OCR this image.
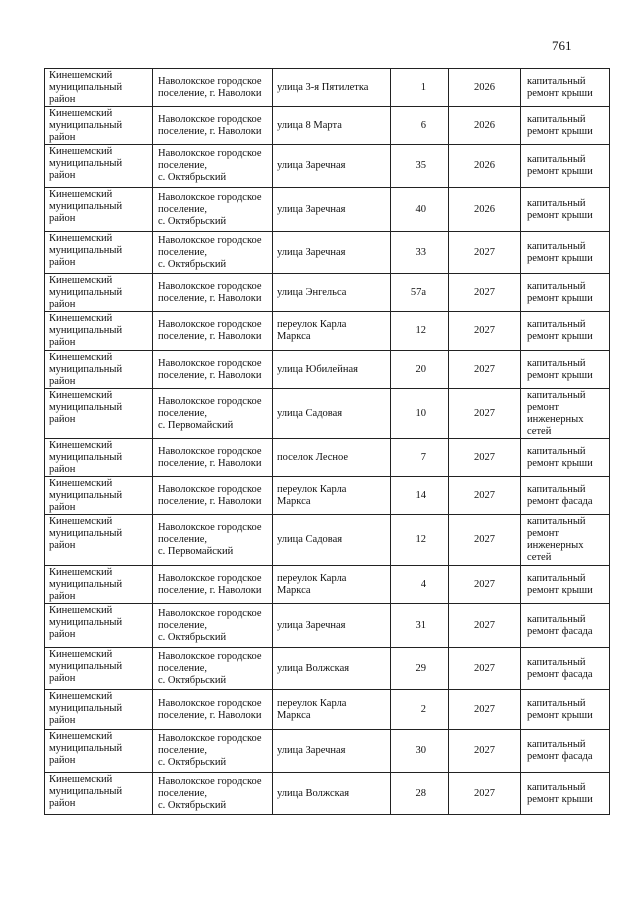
761
Кинешемский
муниципальный
район	Наволокское городское
поселение, г. Наволоки	улица 3-я Пятилетка	1	2026	капитальный
ремонт крыши
Кинешемский
муниципальный
район	Наволокское городское
поселение, г. Наволоки	улица 8 Марта	6	2026	капитальный
ремонт крыши
Кинешемский
муниципальный
район	Наволокское городское
поселение,
с. Октябрьский	улица Заречная	35	2026	капитальный
ремонт крыши
Кинешемский
муниципальный
район	Наволокское городское
поселение,
с. Октябрьский	улица Заречная	40	2026	капитальный
ремонт крыши
Кинешемский
муниципальный
район	Наволокское городское
поселение,
с. Октябрьский	улица Заречная	33	2027	капитальный
ремонт крыши
Кинешемский
муниципальный
район	Наволокское городское
поселение, г. Наволоки	улица Энгельса	57а	2027	капитальный
ремонт крыши
Кинешемский
муниципальный
район	Наволокское городское
поселение, г. Наволоки	переулок Карла
Маркса	12	2027	капитальный
ремонт крыши
Кинешемский
муниципальный
район	Наволокское городское
поселение, г. Наволоки	улица Юбилейная	20	2027	капитальный
ремонт крыши
Кинешемский
муниципальный
район	Наволокское городское
поселение,
с. Первомайский	улица Садовая	10	2027	капитальный
ремонт
инженерных
сетей
Кинешемский
муниципальный
район	Наволокское городское
поселение, г. Наволоки	поселок Лесное	7	2027	капитальный
ремонт крыши
Кинешемский
муниципальный
район	Наволокское городское
поселение, г. Наволоки	переулок Карла
Маркса	14	2027	капитальный
ремонт фасада
Кинешемский
муниципальный
район	Наволокское городское
поселение,
с. Первомайский	улица Садовая	12	2027	капитальный
ремонт
инженерных
сетей
Кинешемский
муниципальный
район	Наволокское городское
поселение, г. Наволоки	переулок Карла
Маркса	4	2027	капитальный
ремонт крыши
Кинешемский
муниципальный
район	Наволокское городское
поселение,
с. Октябрьский	улица Заречная	31	2027	капитальный
ремонт фасада
Кинешемский
муниципальный
район	Наволокское городское
поселение,
с. Октябрьский	улица Волжская	29	2027	капитальный
ремонт фасада
Кинешемский
муниципальный
район	Наволокское городское
поселение, г. Наволоки	переулок Карла
Маркса	2	2027	капитальный
ремонт крыши
Кинешемский
муниципальный
район	Наволокское городское
поселение,
с. Октябрьский	улица Заречная	30	2027	капитальный
ремонт фасада
Кинешемский
муниципальный
район	Наволокское городское
поселение,
с. Октябрьский	улица Волжская	28	2027	капитальный
ремонт крыши
